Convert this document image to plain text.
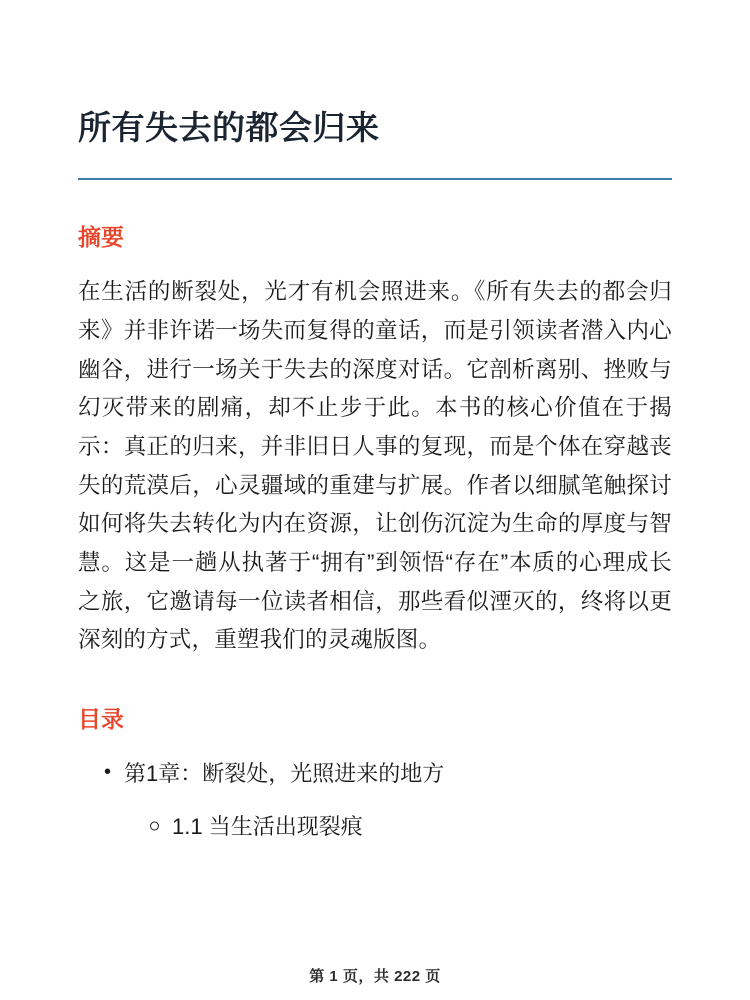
所有失去的都会归来
摘要

在生活的断裂处，光才有机会照进来。《所有失去的都会归来》并非许诺一场失而复得的童话，而是引领读者潜入内心幽谷，进行一场关于失去的深度对话。它剖析离别、挫败与幻灭带来的剧痛，却不止步于此。本书的核心价值在于揭示：真正的归来，并非旧日人事的复现，而是个体在穿越丧失的荒漠后，心灵疆域的重建与扩展。作者以细腻笔触探讨如何将失去转化为内在资源，让创伤沉淀为生命的厚度与智慧。这是一趟从执著于“拥有”到领悟“存在”本质的心理成长之旅，它邀请每一位读者相信，那些看似湮灭的，终将以更深刻的方式，重塑我们的灵魂版图。

目录
• 第1章：断裂处，光照进来的地方
1.1 当生活出现裂痕
第 1 页，共 222 页
